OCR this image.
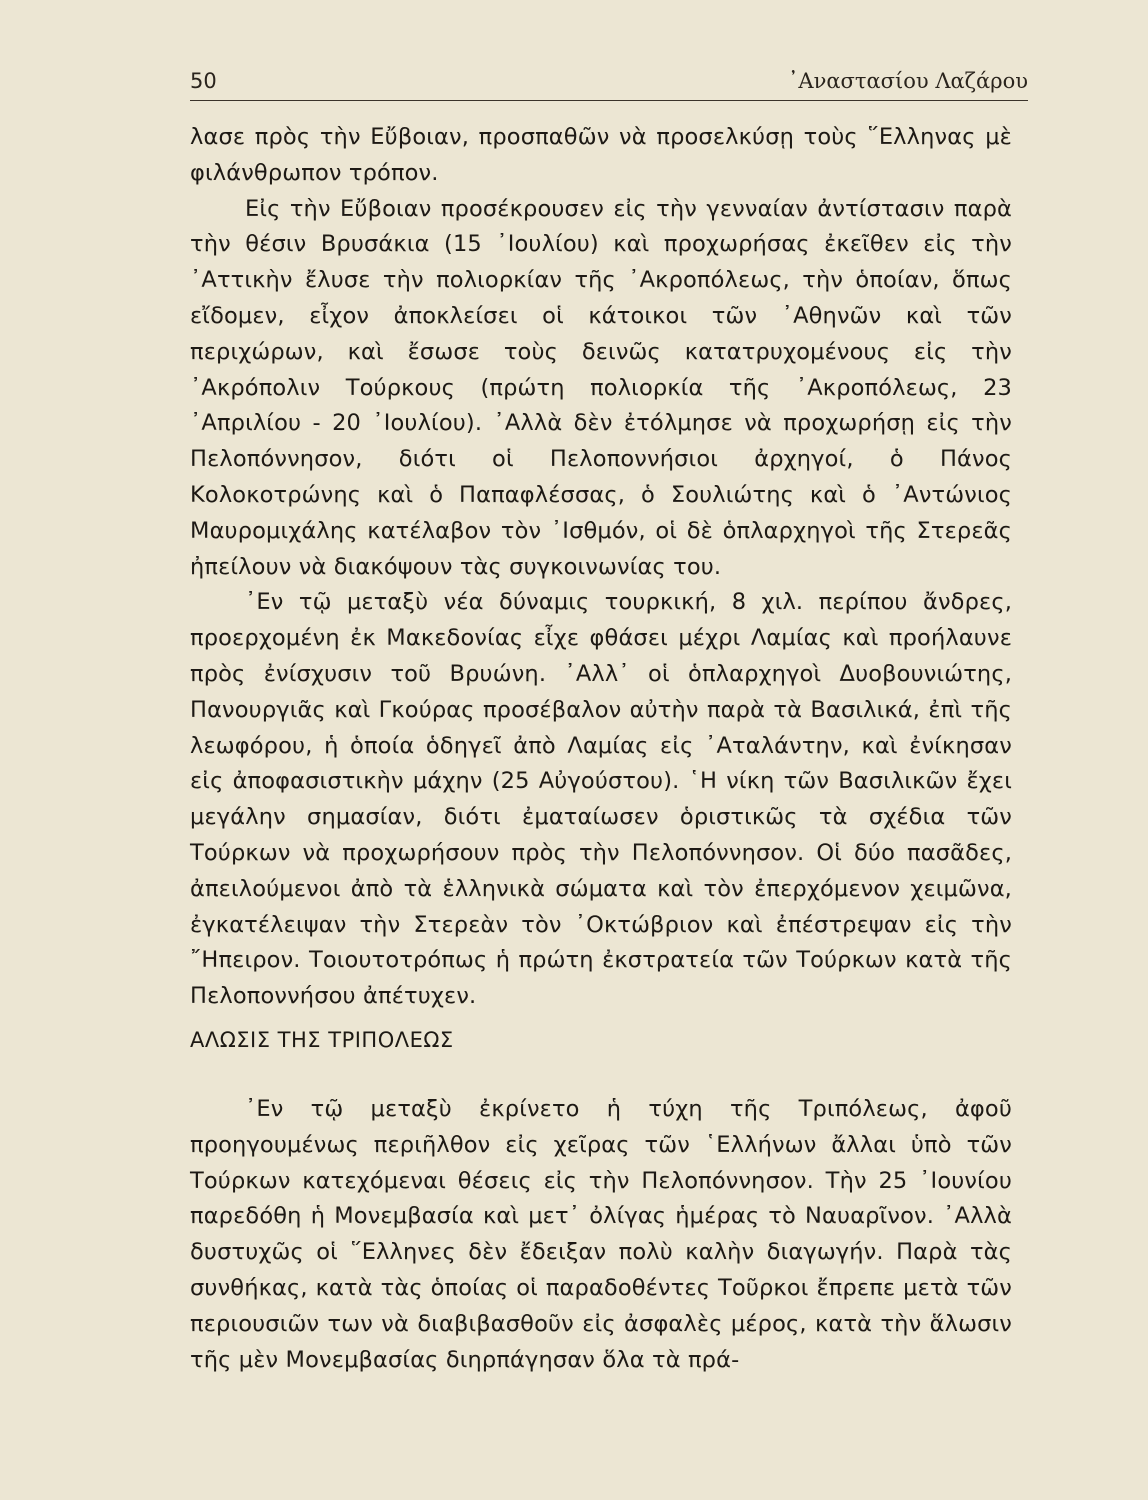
50	᾿Αναστασίου Λαζάρου

λασε πρὸς τὴν Εὔβοιαν, προσπαθῶν νὰ προσελκύσῃ τοὺς ῞Ελληνας μὲ φιλάνθρωπον τρόπον.

Εἰς τὴν Εὔβοιαν προσέκρουσεν εἰς τὴν γενναίαν ἀντίστασιν παρὰ τὴν θέσιν Βρυσάκια (15 ᾿Ιουλίου) καὶ προχωρήσας ἐκεῖθεν εἰς τὴν ᾿Αττικὴν ἔλυσε τὴν πολιορκίαν τῆς ᾿Ακροπόλεως, τὴν ὁποίαν, ὅπως εἴδομεν, εἶχον ἀποκλείσει οἱ κάτοικοι τῶν ᾿Αθηνῶν καὶ τῶν περιχώρων, καὶ ἔσωσε τοὺς δεινῶς κατατρυχομένους εἰς τὴν ᾿Ακρόπολιν Τούρκους (πρώτη πολιορκία τῆς ᾿Ακροπόλεως, 23 ᾿Απριλίου - 20 ᾿Ιουλίου). ᾿Αλλὰ δὲν ἐτόλμησε νὰ προχωρήσῃ εἰς τὴν Πελοπόννησον, διότι οἱ Πελοποννήσιοι ἀρχηγοί, ὁ Πάνος Κολοκοτρώνης καὶ ὁ Παπαφλέσσας, ὁ Σουλιώτης καὶ ὁ ᾿Αντώνιος Μαυρομιχάλης κατέλαβον τὸν ᾿Ισθμόν, οἱ δὲ ὁπλαρχηγοὶ τῆς Στερεᾶς ἠπείλουν νὰ διακόψουν τὰς συγκοινωνίας του.

᾿Εν τῷ μεταξὺ νέα δύναμις τουρκική, 8 χιλ. περίπου ἄνδρες, προερχομένη ἐκ Μακεδονίας εἶχε φθάσει μέχρι Λαμίας καὶ προήλαυνε πρὸς ἐνίσχυσιν τοῦ Βρυώνη. ᾿Αλλ᾿ οἱ ὁπλαρχηγοὶ Δυοβουνιώτης, Πανουργιᾶς καὶ Γκούρας προσέβαλον αὐτὴν παρὰ τὰ Βασιλικά, ἐπὶ τῆς λεωφόρου, ἡ ὁποία ὁδηγεῖ ἀπὸ Λαμίας εἰς ᾿Αταλάντην, καὶ ἐνίκησαν εἰς ἀποφασιστικὴν μάχην (25 Αὐγούστου). ῾Η νίκη τῶν Βασιλικῶν ἔχει μεγάλην σημασίαν, διότι ἐματαίωσεν ὁριστικῶς τὰ σχέδια τῶν Τούρκων νὰ προχωρήσουν πρὸς τὴν Πελοπόννησον. Οἱ δύο πασᾶδες, ἀπειλούμενοι ἀπὸ τὰ ἑλληνικὰ σώματα καὶ τὸν ἐπερχόμενον χειμῶνα, ἐγκατέλειψαν τὴν Στερεὰν τὸν ᾿Οκτώβριον καὶ ἐπέστρεψαν εἰς τὴν ῎Ηπειρον. Τοιουτοτρόπως ἡ πρώτη ἐκστρατεία τῶν Τούρκων κατὰ τῆς Πελοποννήσου ἀπέτυχεν.

ΑΛΩΣΙΣ ΤΗΣ ΤΡΙΠΟΛΕΩΣ

᾿Εν τῷ μεταξὺ ἐκρίνετο ἡ τύχη τῆς Τριπόλεως, ἀφοῦ προηγουμένως περιῆλθον εἰς χεῖρας τῶν ῾Ελλήνων ἄλλαι ὑπὸ τῶν Τούρκων κατεχόμεναι θέσεις εἰς τὴν Πελοπόννησον. Τὴν 25 ᾿Ιουνίου παρεδόθη ἡ Μονεμβασία καὶ μετ᾿ ὀλίγας ἡμέρας τὸ Ναυαρῖνον. ᾿Αλλὰ δυστυχῶς οἱ ῞Ελληνες δὲν ἔδειξαν πολὺ καλὴν διαγωγήν. Παρὰ τὰς συνθήκας, κατὰ τὰς ὁποίας οἱ παραδοθέντες Τοῦρκοι ἔπρεπε μετὰ τῶν περιουσιῶν των νὰ διαβιβασθοῦν εἰς ἀσφαλὲς μέρος, κατὰ τὴν ἅλωσιν τῆς μὲν Μονεμβασίας διηρπάγησαν ὅλα τὰ πρά-
